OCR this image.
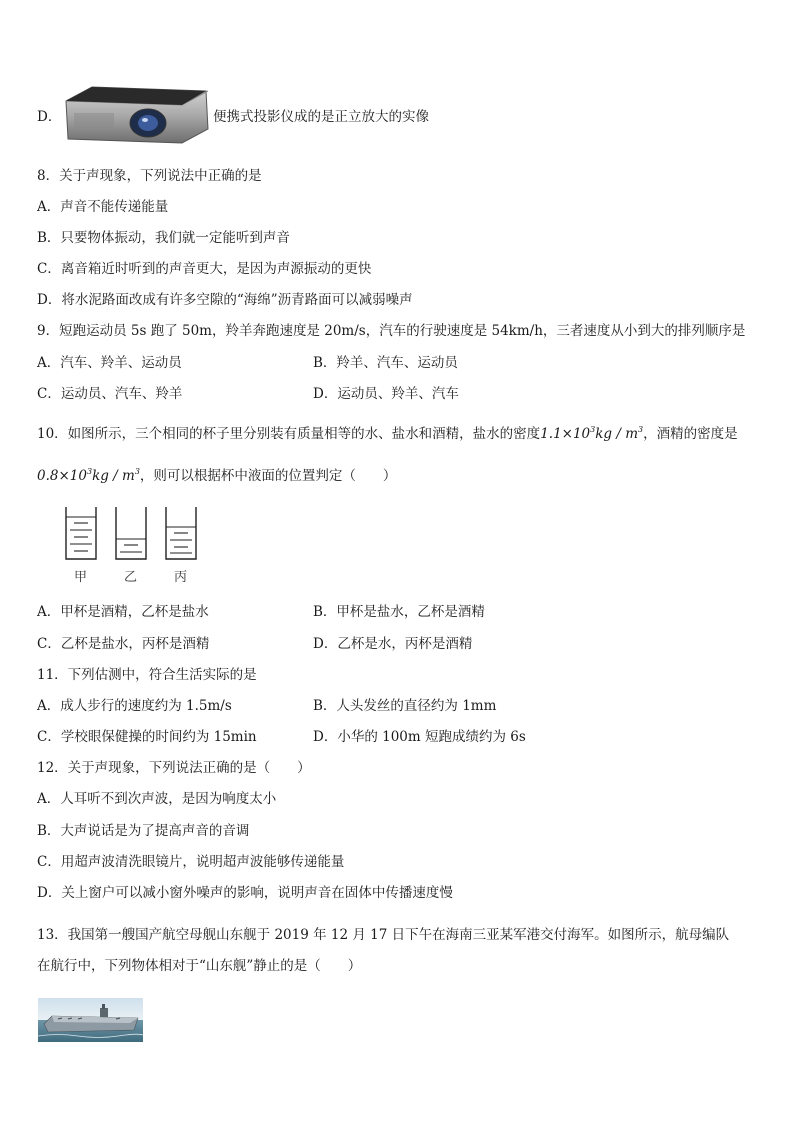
D．	便携式投影仪成的是正立放大的实像
8．关于声现象，下列说法中正确的是
A．声音不能传递能量
B．只要物体振动，我们就一定能听到声音
C．离音箱近时听到的声音更大，是因为声源振动的更快
D．将水泥路面改成有许多空隙的“海绵”沥青路面可以减弱噪声
9．短跑运动员 5s 跑了 50m，羚羊奔跑速度是 20m/s，汽车的行驶速度是 54km/h，三者速度从小到大的排列顺序是
A．汽车、羚羊、运动员	B．羚羊、汽车、运动员
C．运动员、汽车、羚羊	D．运动员、羚羊、汽车
10．如图所示，三个相同的杯子里分别装有质量相等的水、盐水和酒精，盐水的密度$1.1\times 10^3kg / m^3$，酒精的密度是
$0.8\times 10^3kg / m^3$，则可以根据杯中液面的位置判定（　　）
甲	乙	丙
A．甲杯是酒精，乙杯是盐水	B．甲杯是盐水，乙杯是酒精
C．乙杯是盐水，丙杯是酒精	D．乙杯是水，丙杯是酒精
11．下列估测中，符合生活实际的是
A．成人步行的速度约为 1.5m/s	B．人头发丝的直径约为 1mm
C．学校眼保健操的时间约为 15min	D．小华的 100m 短跑成绩约为 6s
12．关于声现象，下列说法正确的是（　　）
A．人耳听不到次声波，是因为响度太小
B．大声说话是为了提高声音的音调
C．用超声波清洗眼镜片，说明超声波能够传递能量
D．关上窗户可以减小窗外噪声的影响，说明声音在固体中传播速度慢
13．我国第一艘国产航空母舰山东舰于 2019 年 12 月 17 日下午在海南三亚某军港交付海军。如图所示，航母编队
在航行中，下列物体相对于“山东舰”静止的是（　　）
